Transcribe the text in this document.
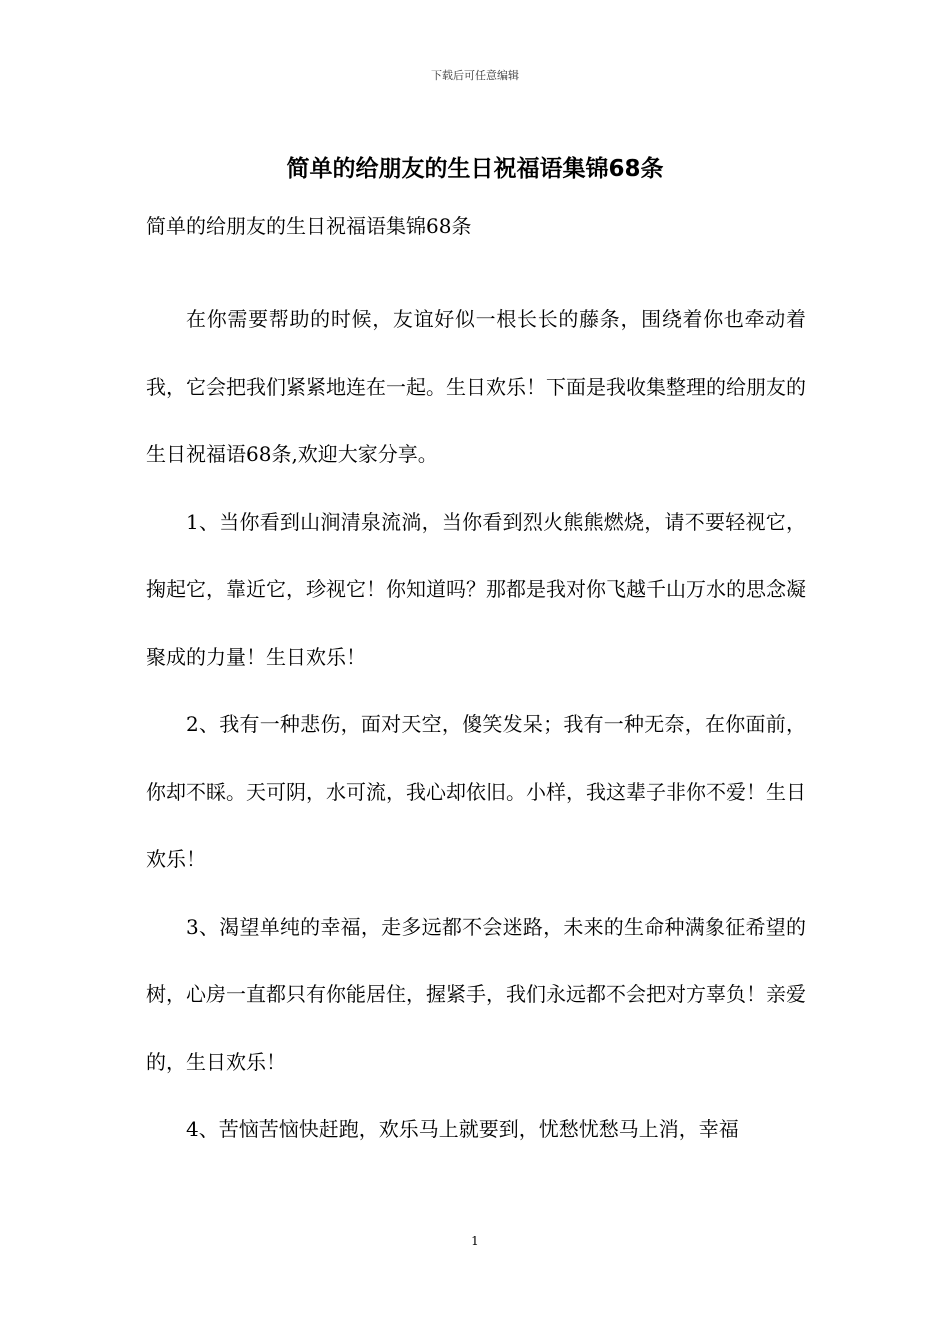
下载后可任意编辑
简单的给朋友的生日祝福语集锦68条
简单的给朋友的生日祝福语集锦68条

在你需要帮助的时候，友谊好似一根长长的藤条，围绕着你也牵动着我，它会把我们紧紧地连在一起。生日欢乐！下面是我收集整理的给朋友的生日祝福语68条,欢迎大家分享。

1、当你看到山涧清泉流淌，当你看到烈火熊熊燃烧，请不要轻视它，掬起它，靠近它，珍视它！你知道吗？那都是我对你飞越千山万水的思念凝聚成的力量！生日欢乐！

2、我有一种悲伤，面对天空，傻笑发呆；我有一种无奈，在你面前，你却不睬。天可阴，水可流，我心却依旧。小样，我这辈子非你不爱！生日欢乐！

3、渴望单纯的幸福，走多远都不会迷路，未来的生命种满象征希望的树，心房一直都只有你能居住，握紧手，我们永远都不会把对方辜负！亲爱的，生日欢乐！

4、苦恼苦恼快赶跑，欢乐马上就要到，忧愁忧愁马上消，幸福

1
